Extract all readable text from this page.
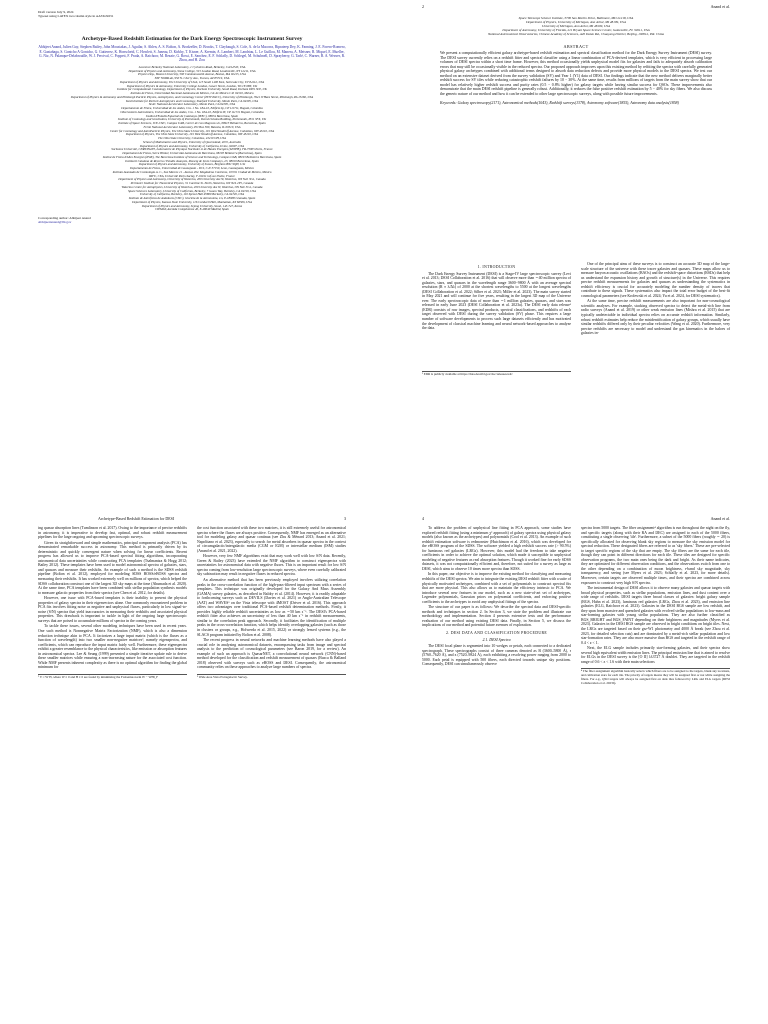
Draft version July 9, 2024
Typeset using LATEX twocolumn style in AASTeX631
Archetype-Based Redshift Estimation for the Dark Energy Spectroscopic Instrument Survey
Abhijeet Anand, Julien Guy, Stephen Bailey, John Moustakas, J. Aguilar, S. Ahlen, A. S. Bolton, A. Brodzeller, D. Brooks, T. Claybaugh, S. Cole, A. de la Macorra, Biprateep Dey, K. Fanning, J. E. Forero-Romero, E. Gaztañaga, S. Gontcho A Gontcho, G. Gutierrez, K. Honscheid, C. Howlett, S. Juneau, D. Kirkby, T. Kisner, A. Kremin, A. Lambert, M. Landriau, L. Le Guillou, M. Manera, A. Meisner, R. Miquel, E. Mueller, G. Niz, N. Palanque-Delabrouille, W. J. Percival, C. Poppett, F. Prada, A. Raichoor, M. Rezaie, G. Rossi, E. Sanchez, E. F. Schlafly, D. Schlegel, M. Schubnell, D. Sprayberry, G. Tarlé, C. Warner, B. A. Weaver, R. Zhou, and H. Zou
Lawrence Berkeley National Laboratory, 1 Cyclotron Road, Berkeley, CA 94720, USA
Department of Physics and Astronomy, Siena College, 515 Loudon Road, Loudonville, NY 12211, USA
Physics Dep., Boston University, 590 Commonwealth Avenue, Boston, MA 02215, USA
NSF NOIRLab, 950 N. Cherry Ave., Tucson, AZ 85719, USA
Department of Physics and Astronomy, The University of Utah, 115 South 1400 East, Salt Lake City, UT 84112, USA
Department of Physics & Astronomy, University College London, Gower Street, London, WC1E 6BT, UK
Institute for Computational Cosmology, Department of Physics, Durham University, South Road, Durham DH1 3LE, UK
Instituto de Física, Universidad Nacional Autónoma de México, Cd. de México C.P. 04510, México
Department of Physics & Astronomy and Pittsburgh Particle Physics, Astrophysics, and Cosmology Center (PITT PACC), University of Pittsburgh, 3941 O'Hara Street, Pittsburgh, PA 15260, USA
Kavli Institute for Particle Astrophysics and Cosmology, Stanford University, Menlo Park, CA 94305, USA
SLAC National Accelerator Laboratory, Menlo Park, CA 94305, USA
Departamento de Física, Universidad de los Andes, Cra. 1 No. 18A-10, Edificio Ip, CP 111711, Bogotá, Colombia
Observatorio Astronómico, Universidad de los Andes, Cra. 1 No. 18A-10, Edificio H, CP 111711 Bogotá, Colombia
Institut d'Estudis Espacials de Catalunya (IEEC), 08034 Barcelona, Spain
Institute of Cosmology and Gravitation, University of Portsmouth, Dennis Sciama Building, Portsmouth, PO1 3FX, UK
Institute of Space Sciences, ICE-CSIC, Campus UAB, Carrer de Can Magrans s/n, 08913 Bellaterra, Barcelona, Spain
Fermi National Accelerator Laboratory, PO Box 500, Batavia, IL 60510, USA
Center for Cosmology and AstroParticle Physics, The Ohio State University, 191 West Woodruff Avenue, Columbus, OH 43210, USA
Department of Physics, The Ohio State University, 191 West Woodruff Avenue, Columbus, OH 43210, USA
The Ohio State University, Columbus, 43210 OH, USA
School of Mathematics and Physics, University of Queensland, 4072, Australia
Department of Physics and Astronomy, University of California, Irvine, 92697, USA
Sorbonne Université, CNRS/IN2P3, Laboratoire de Physique Nucléaire et de Hautes Energies (LPNHE), FR-75005 Paris, France
Departament de Física, Serra Húnter, Universitat Autònoma de Barcelona, 08193 Bellaterra (Barcelona), Spain
Institut de Física d'Altes Energies (IFAE), The Barcelona Institute of Science and Technology, Campus UAB, 08193 Bellaterra Barcelona, Spain
Institució Catalana de Recerca i Estudis Avançats, Passeig de Lluís Companys, 23, 08010 Barcelona, Spain
Department of Physics and Astronomy, University of Sussex, Brighton BN1 9QH, U.K
Departamento de Física, Universidad de Guanajuato - DCI, C.P. 37150, Leon, Guanajuato, México
Instituto Avanzado de Cosmología A. C., San Marcos 11 - Atenas 202. Magdalena Contreras, 10720. Ciudad de México, México
IRFU, CEA, Université Paris-Saclay, F-91191 Gif-sur-Yvette, France
Department of Physics and Astronomy, University of Waterloo, 200 University Ave W, Waterloo, ON N2L 3G1, Canada
Perimeter Institute for Theoretical Physics, 31 Caroline St. North, Waterloo, ON N2L 2Y5, Canada
Waterloo Centre for Astrophysics, University of Waterloo, 200 University Ave W, Waterloo, ON N2L 3G1, Canada
Space Sciences Laboratory, University of California, Berkeley, 7 Gauss Way, Berkeley, CA 94720, USA
University of California, Berkeley, 110 Sproul Hall #5800 Berkeley, CA 94720, USA
Instituto de Astrofísica de Andalucía (CSIC), Glorieta de la Astronomía, s/n, E-18008 Granada, Spain
Department of Physics, Kansas State University, 116 Cardwell Hall, Manhattan, KS 66506, USA
Department of Physics and Astronomy, Sejong University, Seoul, 143-747, Korea
CIEMAT, Avenida Complutense 40, E-28040 Madrid, Spain
Corresponding author: Abhijeet Anand
AbhijeetAnand@lbl.gov
2	Anand et al.
Space Telescope Science Institute, 3700 San Martin Drive, Baltimore, MD 21218, USA
Department of Physics, University of Michigan, Ann Arbor, MI 48109, USA
University of Michigan, Ann Arbor, MI 48109, USA
Department of Astronomy, University of Florida, 211 Bryant Space Science Center, Gainesville, FL 32611, USA
National Astronomical Observatories, Chinese Academy of Sciences, A20 Datun Rd., Chaoyang District, Beijing, 100012, P.R. China
ABSTRACT
We present a computationally efficient galaxy archetype-based redshift estimation and spectral classification method for the Dark Energy Survey Instrument (DESI) survey. The DESI survey currently relies on a redshift fitter and spectral classifier using a linear combination of PCA-derived templates, which is very efficient in processing large volumes of DESI spectra within a short time frame. However, this method occasionally yields unphysical model fits for galaxies and fails to adequately absorb calibration errors that may still be occasionally visible in the reduced spectra. Our proposed approach improves upon this existing method by refitting the spectra with carefully generated physical galaxy archetypes combined with additional terms designed to absorb data reduction defects and provide more physical models to the DESI spectra. We test our method on an extensive dataset derived from the survey validation (SV) and Year 1 (Y1) data of DESI. Our findings indicate that the new method delivers marginally better redshift success for SV tiles while reducing catastrophic redshift failures by 10 − 30%. At the same time, results from millions of targets from the main survey show that our model has relatively higher redshift success and purity rates (0.5 − 0.8% higher) for galaxy targets while having similar success for QSOs. These improvements also demonstrate that the main DESI redshift pipeline is generally robust. Additionally, it reduces the false positive redshift estimation by 5 − 40% for sky fibers. We also discuss the generic nature of our method and how it can be extended to other large spectroscopic surveys, along with possible future improvements.
Keywords: Galaxy spectroscopy(2171), Astronomical methods(1043), Redshift surveys(1378), Astronomy software(1855), Astronomy data analysis(1858)
1. INTRODUCTION

The Dark Energy Survey Instrument (DESI) is a Stage-IV large spectroscopic survey (Levi et al. 2013; DESI Collaboration et al. 2016) that will observe more than ∼40 million spectra of galaxies, stars, and quasars in the wavelength range 3600−9800 Å with an average spectral resolution (R ≡ λ/Δλ) of 2000 at the shortest wavelengths to 5500 at the longest wavelengths (DESI Collaboration et al. 2022; Silber et al. 2023; Miller et al. 2023). The main survey started in May 2021 and will continue for five years, resulting in the largest 3D map of the Universe ever. The early spectroscopic data of more than ∼1 million galaxies, quasars, and stars was released in early June 2023 (DESI Collaboration et al. 2023a). The DESI early data release¹ (EDR) consists of raw images, spectral products, spectral classifications, and redshifts of each target observed with DESI during the survey validation (SV) phase. This requires a large number of software developments to process such large datasets efficiently and has motivated the development of classical machine learning and neural network-based approaches to analyze the data.

¹ EDR is publicly available at https://data.desi.lbl.gov/doc/releases/edr/

One of the principal aims of these surveys is to construct an accurate 3D map of the large-scale structure of the universe with these tracer galaxies and quasars. These maps allow us to measure baryon acoustic oscillations (BAOs) and the redshift-space distortions (RSDs) that help us understand the expansion history and growth of structure(s) in the Universe. This requires precise redshift measurements for galaxies and quasars as understanding the systematics in redshift efficiency is crucial for accurately modeling the number density of tracers that contribute to these signals. These systematics also impact the total error budget of the best-fit cosmological parameters (see Krolewski et al. 2024; Yu et al. 2024, for DESI systematics).

At the same time, precise redshift measurements are also important for non-cosmological scientific analyses. For example, stacking observed spectra to detect the metal-rich line from radio surveys (Anand et al. 2019) or other weak emission lines (Mishra et al. 2015) that are typically undetectable in individual spectra relies on accurate redshift information. Similarly, robust redshift estimates help reduce the misidentification of galaxy groups, which usually have similar redshifts differed only by their peculiar velocities (Wang et al. 2020). Furthermore, very precise redshifts are necessary to model and understand the gas kinematics in the haloes of galaxies in-

Archetype-Based Redshift Estimation for DESI	3

ing quasar absorption lines (Tumlinson et al. 2017). Owing to the importance of precise redshifts in astronomy, it is imperative to develop fast, optimal, and robust redshift measurement pipelines for the large ongoing and upcoming spectroscopic surveys.

Given its straightforward and simple mathematics, principal component analysis (PCA) has demonstrated remarkable success in astronomy. This method is primarily driven by its deterministic and quickly convergent nature when solving for linear coefficients. Recent progress has allowed us to improve PCA-based spectral fitting algorithms, incorporating astronomical data uncertainties while constructing PCA templates (Tsalmantza & Hogg 2012; Bailey 2012). These templates have been used to model astronomical spectra of galaxies, stars, and quasars and measure their redshifts. An example of such a method is the SDSS redshift pipeline (Bolton et al. 2012), employed for modeling SDSS BOSS/eBOSS spectra and measuring their redshifts. It has worked extremely well on millions of spectra, which helped the SDSS collaboration construct one of the largest 3D sky maps at the time (Ahumada et al. 2020). At the same time, PCA templates have been combined with stellar population synthesis models to measure galactic properties from their spectra (see Chen et al. 2012, for details).

However, one issue with PCA-based templates is their inability to present the physical properties of galaxy spectra in their eigenvectors alone. One commonly encountered problem in PCA fits involves fitting noise as negative and unphysical fluxes, particularly in low signal-to-noise (S/N) spectra that yield inaccuracies in measuring their redshifts and associated physical properties. This drawback is important to tackle in light of the ongoing large spectroscopic surveys that are poised to accumulate millions of spectra in the coming years.

To tackle these issues, several other modeling techniques have been used in recent years. One such method is Nonnegative Matrix Factorization (NMF), which is also a dimension reduction technique akin to PCA. It factorizes a large input matrix (which is the fluxes as a function of wavelength) into two smaller non-negative matrices², namely eigenspectra, and coefficients, which can reproduce the input matrix fairly well. Furthermore, these eigenspectra exhibit a greater resemblance to the physical characteristics, like emission or absorption features in astronomical spectra. Lee & Seung (1999) presented a simple iterative update rule to derive these smaller matrices while ensuring a non-increasing nature for the associated cost function. While NMF presents inherent complexity as there is no optimal algorithm for finding the global minimum for

² V ≈ W·H, where W ≥ 0 and H ≥ 0 are found by minimizing the Frobenius norm ‖V − WH‖_F

the cost function associated with these two matrices, it is still extremely useful for astronomical spectra where the fluxes are always positive. Consequently, NMF has emerged as an alternative tool for modeling galaxy and quasar continua (see Zhu & Ménard 2013; Anand et al. 2021; Napolitano et al. 2023), especially to search for metal absorbers in quasar spectra in the context of circumgalactic/intergalactic media (CGM or IGM) or interstellar medium (ISM) studies (Anand et al. 2021, 2022).

However, very few NMF algorithms exist that may work well with low S/N data. Recently, Green & Bailey (2023) have extended the NMF algorithm to construct eigenspectra with uncertainties for astronomical data with negative fluxes. This is an important result for low S/N spectra coming from low-resolution large spectroscopic surveys, where even carefully calibrated sky subtraction may result in negative fluxes in reduced spectra.

An alternative method that has been previously employed involves utilizing correlation peaks in the cross-correlation function of the high-pass-filtered input spectrum with a series of templates. This technique was originally developed for the Galaxy And Mass Assembly (GAMA) survey galaxies, as described in Baldry et al. (2014). However, it is readily adaptable to forthcoming surveys such as DEVILS (Davies et al. 2021) or Anglo-Australian Telescope (AAT) and WAVES³ on the Vista telescope with 4MOST (Driver et al. 2016). This approach offers two advantages over traditional PCA-based redshift determination methods. Firstly, it provides highly reliable redshift uncertainties as low as ∼50 km s⁻¹. The DESI's PCA-based redshift fitter also achieves an uncertainty of less than 40 km s⁻¹ in redshift measurements, similar to the correlation peak approach. Secondly, it facilitates the identification of multiple peaks in the cross-correlation function, which helps identify overlapping galaxies (such as those in clusters or groups, e.g., Holwerda et al. 2015, 2022) or strongly lensed systems (e.g., the SLACS program initiated by Bolton et al. 2008).

The recent progress in neural networks and machine learning methods have also played a crucial role in analyzing astronomical datasets, encompassing tasks from image and spectral analysis to the prediction of cosmological parameters (see Baron 2019, for a review). An example of such an approach is QuasarNET, a convolutional neural network (CNN)-based method developed for the classification and redshift measurement of quasars (Busca & Balland 2018) observed with surveys such as eBOSS and DESI. Consequently, the astronomical community relies on these approaches to analyze large numbers of spectra.

³ Wide Area Vista Extragalactic Survey.
4	Anand et al.

To address the problem of unphysical line fitting in PCA approach, some studies have explored redshift fitting (using a minimum χ² approach) of galaxy spectra using physical galaxy models (also known as the archetypes) and polynomials (Cool et al. 2013). An example of such redshift estimation software is redmonster (Hutchinson et al. 2016), which was developed for the eBOSS program of the SDSS. The software yielded a high redshift success rate (> 90.5%) for luminous red galaxies (LRGs). However, this model had the freedom to take negative coefficients in order to achieve the optimal solution, which made it susceptible to unphysical modeling of negative features as real absorption features. Though it worked fine for early SDSS datasets, it was not computationally efficient and, therefore, not suited for a survey as large as DESI, which aims to observe 10 times more spectra than SDSS.

In this paper, our objective is to improve the existing method for classifying and measuring redshifts of the DESI spectra. We aim to integrate the existing DESI redshift fitter with a suite of physically motivated archetypes, combined with a set of polynomials to construct spectral fits that are more physical. This also allows us to maintain the efficiency intrinsic to PCA. We introduce several new features in our model, such as a new state-of-art set of archetypes, Legendre polynomials, Gaussian priors on polynomial coefficients, and enforcing positive coefficients to the archetypes to avoid any unphysical fittings of the spectra.

The structure of our paper is as follows: We describe the spectral data and DESI-specific methods and techniques in section 2. In Section 3, we state the problem and illustrate our methodology and implementation. Section 4 presents extensive tests and the performance evaluation of our method using existing DESI data. Finally, in Section 5, we discuss the implications of our method and potential future avenues of exploration.

2. DESI DATA AND CLASSIFICATION PROCEDURE
2.1. DESI Spectra

The DESI focal plane is segmented into 10 wedges or petals, each connected to a dedicated spectrograph. These spectrographs consist of three cameras denoted as B (3600–5800 Å), r (5760–7620 Å), and z (7520–9824 Å), each exhibiting a resolving power ranging from 2000 to 5000. Each petal is equipped with 500 fibers, each directed towards unique sky positions. Consequently, DESI can simultaneously observe

spectra from 5000 targets. The fiber assignment⁴ algorithm is run throughout the night on the fly, and specific targets (along with their RA and DEC) are assigned to each of the 5000 fibers, constituting a single observing 'tile'. Furthermore, a subset of the 5000 fibers (roughly ∼ 20) is specifically allocated for observing blank sky regions to measure the sky emission model for spectral reduction. These designated fibers are referred to as 'sky fibers.' These are pre-selected to target specific regions of the sky that are empty. The sky fibers are the same for each tile, though they can point in different directions for each tile. These tiles are designed for specific observation programs, the two main ones being the dark and bright. As their name indicates, they are optimized for different observation conditions, and the observations switch from one to the other depending on a combination of moon brightness, r-band sky magnitude, sky transparency, and seeing (see Myers et al. 2023; Schlafly et al. 2023, for more details). Moreover, certain targets are observed multiple times, and their spectra are combined across exposures to construct very high S/N spectra.

The instrumental design of DESI allows it to observe many galaxies and quasar targets with broad physical properties, such as stellar populations, emission lines, and dust content over a wide range of redshifts. DESI targets three broad classes of galaxies: bright galaxy sample (BGS, Hahn et al. 2023), luminous red galaxies (LRGs, Zhou et al. 2023), and emission line galaxies (ELG, Raichoor et al. 2023). Galaxies in the DESI BGS sample are low redshift, and they span from massive and quenched galaxies with evolved stellar populations to low-mass and star-forming galaxies with young stellar populations. They are also further classified as BGS_BRIGHT and BGS_FAINT depending on their brightness and magnitudes (Myers et al. 2023). Galaxies in the DESI BGS sample are observed in bright conditions on bright tiles. Next, the LRGs are targeted based on their grz-W1 photometry and 4000 Å break (see Zhou et al. 2023, for detailed selection cuts) and are dominated by a metal-rich stellar population and low star-formation rates. They are also more massive than BGS and targeted in the redshift range of 0.4 < z < 1.

Next, the ELG sample includes primarily star-forming galaxies, and their spectra show several high equivalent width emission lines. The principal emission line that is aimed to resolve for ELGs in the DESI survey is the [O II] λλ3727 Å doublet. They are targeted in the redshift range of 0.6 < z < 1.6 with their main selections

⁴ The fiber assignment algorithm basically selects which fibers are to be assigned to the targets, blank sky locations, and calibration stars for each tile. The priority of targets means they will be assigned first or not while assigning the fibers. For e.g., QSO targets will always be assigned first on dark tiles followed by LRG and ELG targets (DESI Collaboration et al. 2023b).
